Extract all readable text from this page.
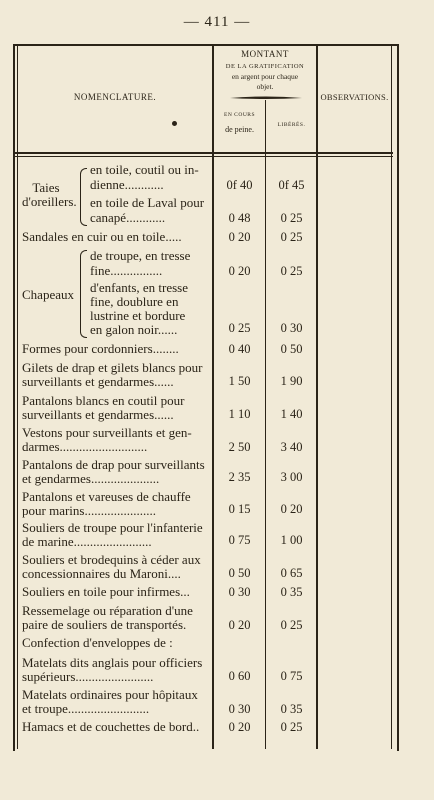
— 411 —
NOMENCLATURE.
MONTANT
DE LA GRATIFICATION
en argent pour chaque
objet.
EN COURS
de peine.	LIBÉRÉS.
OBSERVATIONS.
Taies
d'oreillers.
en toile, coutil ou in-
dienne............	0f 40	0f 45
en toile de Laval pour
canapé............	0 48	0 25
Sandales en cuir ou en toile.....	0 20	0 25
Chapeaux
de troupe, en tresse
fine................	0 20	0 25
d'enfants, en tresse
fine, doublure en
lustrine et bordure
en galon noir......	0 25	0 30
Formes pour cordonniers........	0 40	0 50
Gilets de drap et gilets blancs pour
surveillants et gendarmes......	1 50	1 90
Pantalons blancs en coutil pour
surveillants et gendarmes......	1 10	1 40
Vestons pour surveillants et gen-
darmes...........................	2 50	3 40
Pantalons de drap pour surveillants
et gendarmes.....................	2 35	3 00
Pantalons et vareuses de chauffe
pour marins......................	0 15	0 20
Souliers de troupe pour l'infanterie
de marine........................	0 75	1 00
Souliers et brodequins à céder aux
concessionnaires du Maroni....	0 50	0 65
Souliers en toile pour infirmes...	0 30	0 35
Ressemelage ou réparation d'une
paire de souliers de transportés.	0 20	0 25
Confection d'enveloppes de :
Matelats dits anglais pour officiers
supérieurs........................	0 60	0 75
Matelats ordinaires pour hôpitaux
et troupe.........................	0 30	0 35
Hamacs et de couchettes de bord..	0 20	0 25
